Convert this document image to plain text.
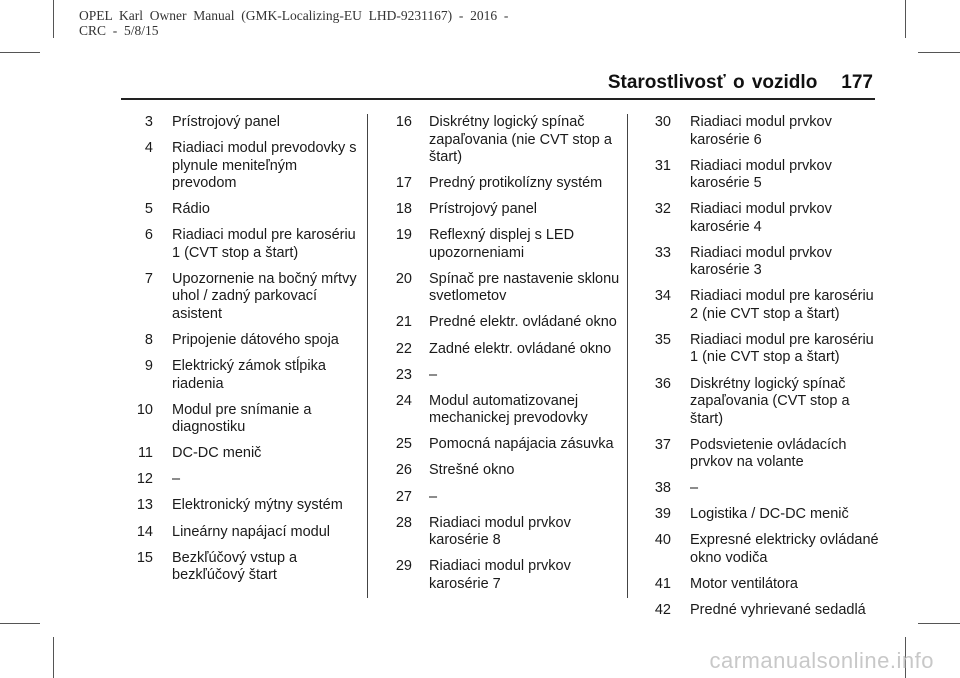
OPEL  Karl  Owner  Manual  (GMK-Localizing-EU  LHD-9231167)  -  2016  -
CRC  -  5/8/15
Starostlivosť o vozidlo 177
3 Prístrojový panel
4 Riadiaci modul prevodovky s plynule meniteľným prevodom
5 Rádio
6 Riadiaci modul pre karosériu 1 (CVT stop a štart)
7 Upozornenie na bočný mŕtvy uhol / zadný parkovací asistent
8 Pripojenie dátového spoja
9 Elektrický zámok stĺpika riadenia
10 Modul pre snímanie a diagnostiku
11 DC-DC menič
12 –
13 Elektronický mýtny systém
14 Lineárny napájací modul
15 Bezkľúčový vstup a bezkľúčový štart
16 Diskrétny logický spínač zapaľovania (nie CVT stop a štart)
17 Predný protikolízny systém
18 Prístrojový panel
19 Reflexný displej s LED upozorneniami
20 Spínač pre nastavenie sklonu svetlometov
21 Predné elektr. ovládané okno
22 Zadné elektr. ovládané okno
23 –
24 Modul automatizovanej mechanickej prevodovky
25 Pomocná napájacia zásuvka
26 Strešné okno
27 –
28 Riadiaci modul prvkov karosérie 8
29 Riadiaci modul prvkov karosérie 7
30 Riadiaci modul prvkov karosérie 6
31 Riadiaci modul prvkov karosérie 5
32 Riadiaci modul prvkov karosérie 4
33 Riadiaci modul prvkov karosérie 3
34 Riadiaci modul pre karosériu 2 (nie CVT stop a štart)
35 Riadiaci modul pre karosériu 1 (nie CVT stop a štart)
36 Diskrétny logický spínač zapaľovania (CVT stop a štart)
37 Podsvietenie ovládacích prvkov na volante
38 –
39 Logistika / DC-DC menič
40 Expresné elektricky ovládané okno vodiča
41 Motor ventilátora
42 Predné vyhrievané sedadlá
carmanualsonline.info
